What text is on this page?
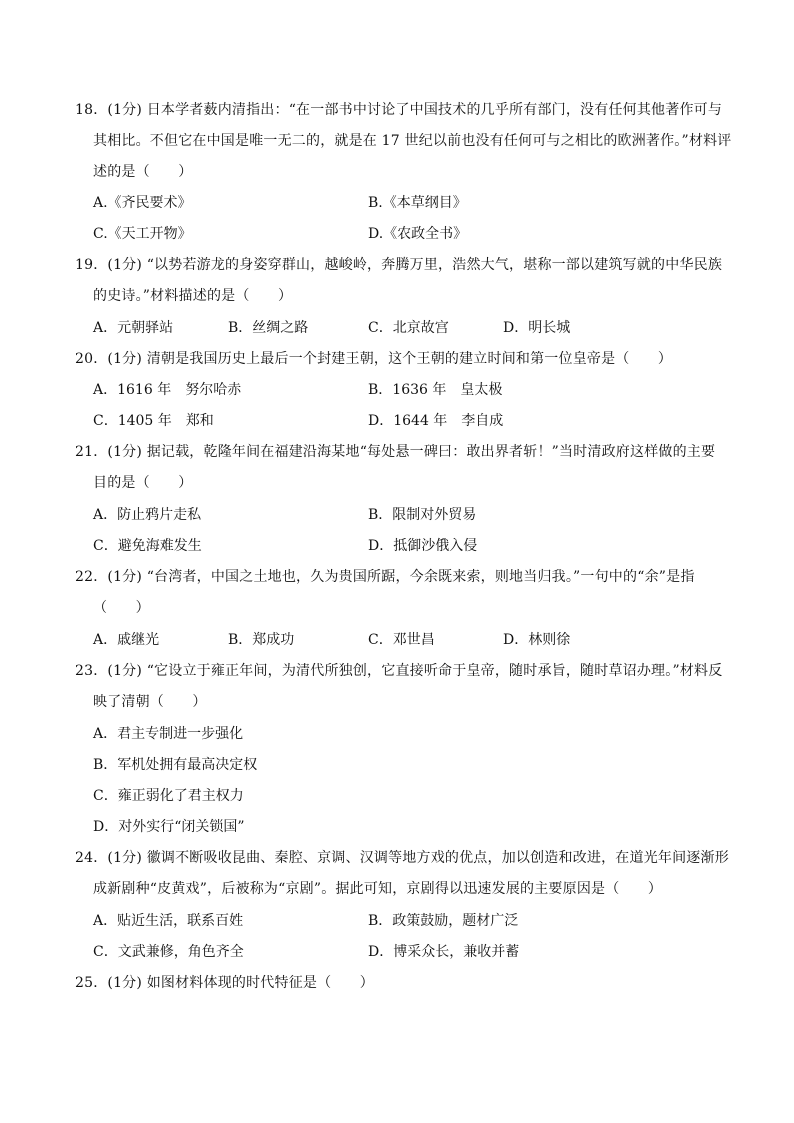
18．(1分) 日本学者薮内清指出：“在一部书中讨论了中国技术的几乎所有部门，没有任何其他著作可与
其相比。不但它在中国是唯一无二的，就是在 17 世纪以前也没有任何可与之相比的欧洲著作。”材料评
述的是（　　）
A.《齐民要术》	B.《本草纲目》
C.《天工开物》	D.《农政全书》
19．(1分) “以势若游龙的身姿穿群山，越峻岭，奔腾万里，浩然大气，堪称一部以建筑写就的中华民族
的史诗。”材料描述的是（　　）
A．元朝驿站	B．丝绸之路	C．北京故宫	D．明长城
20．(1分) 清朝是我国历史上最后一个封建王朝，这个王朝的建立时间和第一位皇帝是（　　）
A．1616 年　努尔哈赤	B．1636 年　皇太极
C．1405 年　郑和	D．1644 年　李自成
21．(1分) 据记载，乾隆年间在福建沿海某地“每处悬一碑曰：敢出界者斩！”当时清政府这样做的主要
目的是（　　）
A．防止鸦片走私	B．限制对外贸易
C．避免海难发生	D．抵御沙俄入侵
22．(1分) “台湾者，中国之土地也，久为贵国所踞，今余既来索，则地当归我。”一句中的“余”是指
（　　）
A．戚继光	B．郑成功	C．邓世昌	D．林则徐
23．(1分) “它设立于雍正年间，为清代所独创，它直接听命于皇帝，随时承旨，随时草诏办理。”材料反
映了清朝（　　）
A．君主专制进一步强化
B．军机处拥有最高决定权
C．雍正弱化了君主权力
D．对外实行“闭关锁国”
24．(1分) 徽调不断吸收昆曲、秦腔、京调、汉调等地方戏的优点，加以创造和改进，在道光年间逐渐形
成新剧种“皮黄戏”，后被称为“京剧”。据此可知，京剧得以迅速发展的主要原因是（　　）
A．贴近生活，联系百姓	B．政策鼓励，题材广泛
C．文武兼修，角色齐全	D．博采众长，兼收并蓄
25．(1分) 如图材料体现的时代特征是（　　）
